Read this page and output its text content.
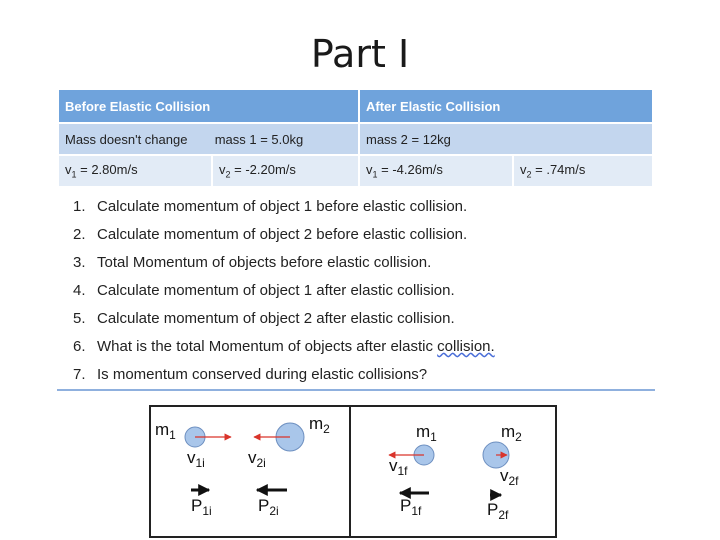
Part I
Before Elastic Collision		After Elastic Collision	
Mass doesn't change mass 1 = 5.0kg		mass 2 = 12kg	
$v_1 = 2.80m/s$	$v_2 = -2.20m/s$	$v_1 = -4.26m/s$	$v_2 = .74m/s$
1. Calculate momentum of object 1 before elastic collision.
2. Calculate momentum of object 2 before elastic collision.
3. Total Momentum of objects before elastic collision.
4. Calculate momentum of object 1 after elastic collision.
5. Calculate momentum of object 2 after elastic collision.
6. What is the total Momentum of objects after elastic collision.
7. Is momentum conserved during elastic collisions?
$m_1$
$m_2$
$v_{1i}$	$v_{2i}$
$P_{1i}$	$P_{2i}$
$m_1$	$m_2$
$v_{1f}$	$v_{2f}$
$P_{1f}$	$P_{2f}$
